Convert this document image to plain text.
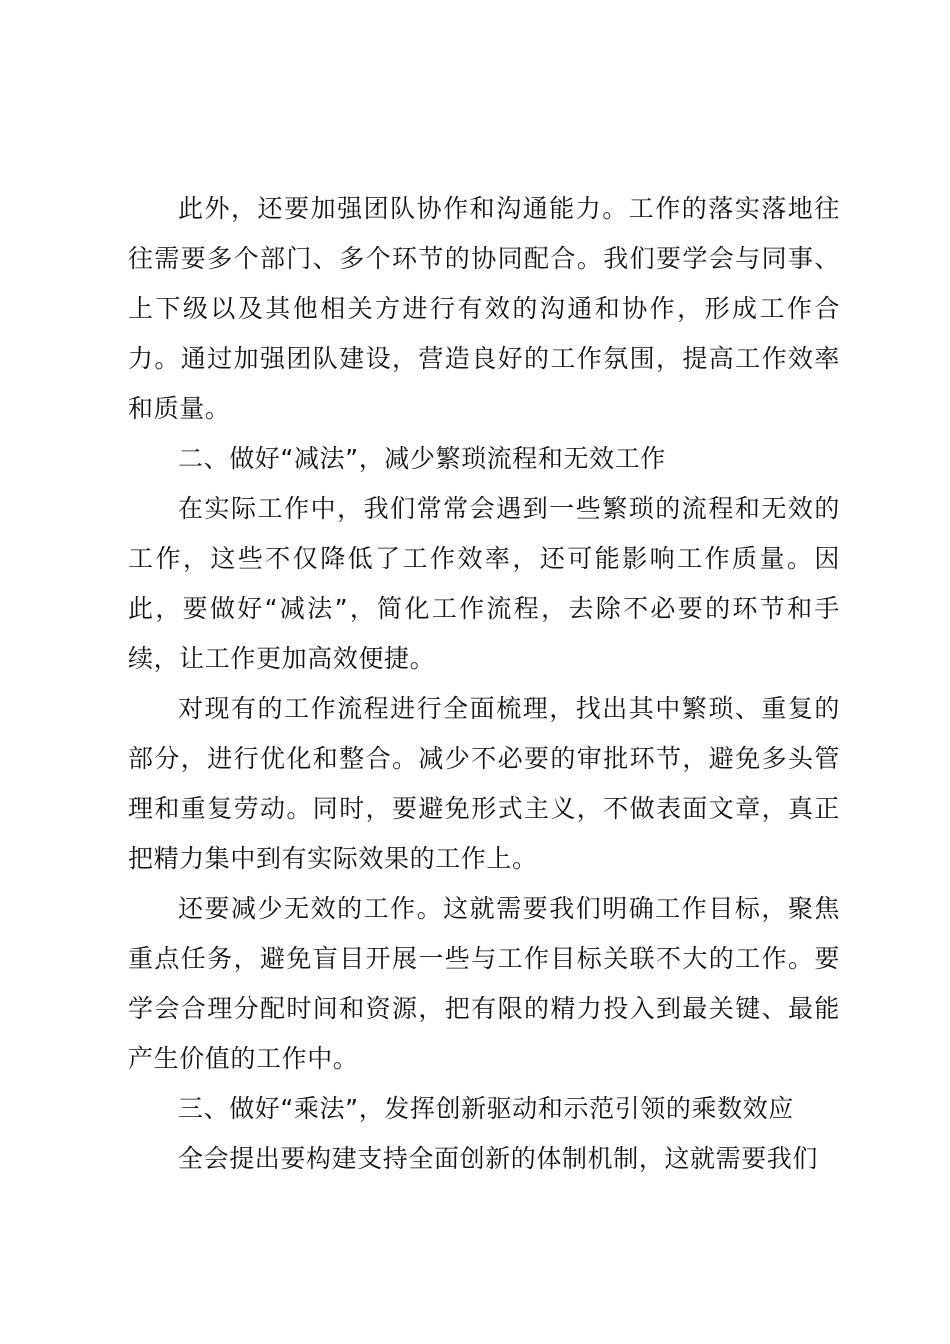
此外，还要加强团队协作和沟通能力。工作的落实落地往往需要多个部门、多个环节的协同配合。我们要学会与同事、上下级以及其他相关方进行有效的沟通和协作，形成工作合力。通过加强团队建设，营造良好的工作氛围，提高工作效率和质量。

二、做好“减法”，减少繁琐流程和无效工作

在实际工作中，我们常常会遇到一些繁琐的流程和无效的工作，这些不仅降低了工作效率，还可能影响工作质量。因此，要做好“减法”，简化工作流程，去除不必要的环节和手续，让工作更加高效便捷。

对现有的工作流程进行全面梳理，找出其中繁琐、重复的部分，进行优化和整合。减少不必要的审批环节，避免多头管理和重复劳动。同时，要避免形式主义，不做表面文章，真正把精力集中到有实际效果的工作上。

还要减少无效的工作。这就需要我们明确工作目标，聚焦重点任务，避免盲目开展一些与工作目标关联不大的工作。要学会合理分配时间和资源，把有限的精力投入到最关键、最能产生价值的工作中。

三、做好“乘法”，发挥创新驱动和示范引领的乘数效应

全会提出要构建支持全面创新的体制机制，这就需要我们
